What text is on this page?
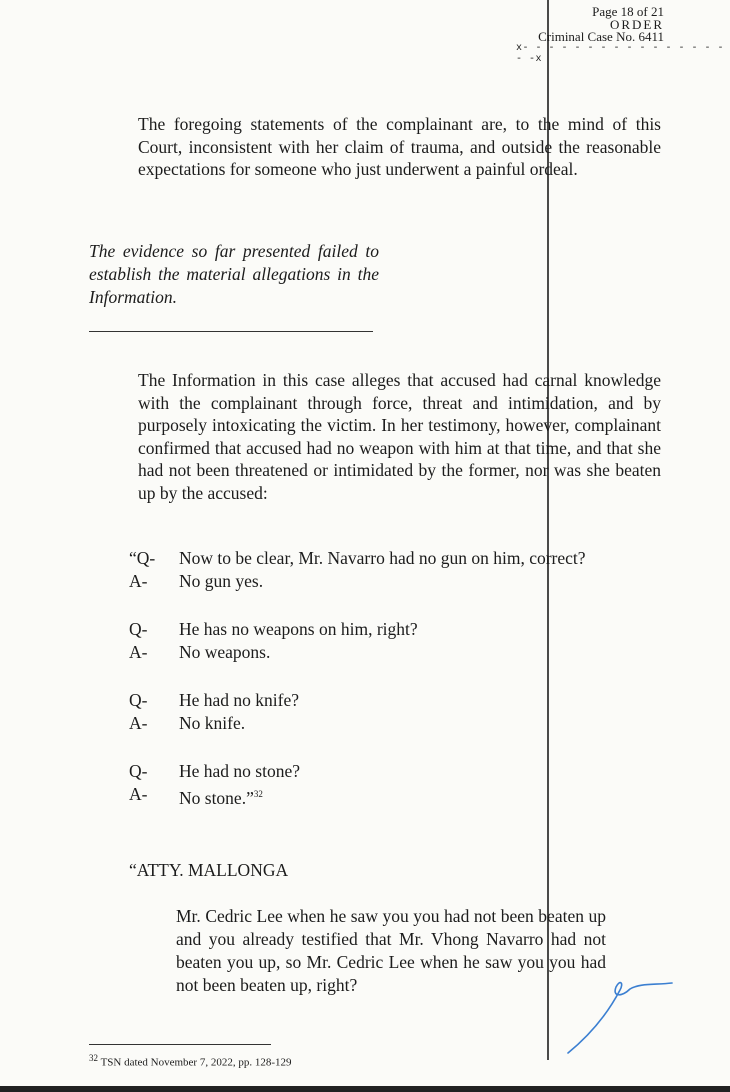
Page 18 of 21
ORDER
Criminal Case No. 6411
x- - - - - - - - - - - - - - - - - -x
The foregoing statements of the complainant are, to the mind of this Court, inconsistent with her claim of trauma, and outside the reasonable expectations for someone who just underwent a painful ordeal.
The evidence so far presented failed to establish the material allegations in the Information.
The Information in this case alleges that accused had carnal knowledge with the complainant through force, threat and intimidation, and by purposely intoxicating the victim. In her testimony, however, complainant confirmed that accused had no weapon with him at that time, and that she had not been threatened or intimidated by the former, nor was she beaten up by the accused:
“Q-	Now to be clear, Mr. Navarro had no gun on him, correct?
A-	No gun yes.
Q-	He has no weapons on him, right?
A-	No weapons.
Q-	He had no knife?
A-	No knife.
Q-	He had no stone?
A-	No stone.”$^{32}$
“ATTY. MALLONGA
Mr. Cedric Lee when he saw you you had not been beaten up and you already testified that Mr. Vhong Navarro had not beaten you up, so Mr. Cedric Lee when he saw you you had not been beaten up, right?
$^{32}$ TSN dated November 7, 2022, pp. 128-129
